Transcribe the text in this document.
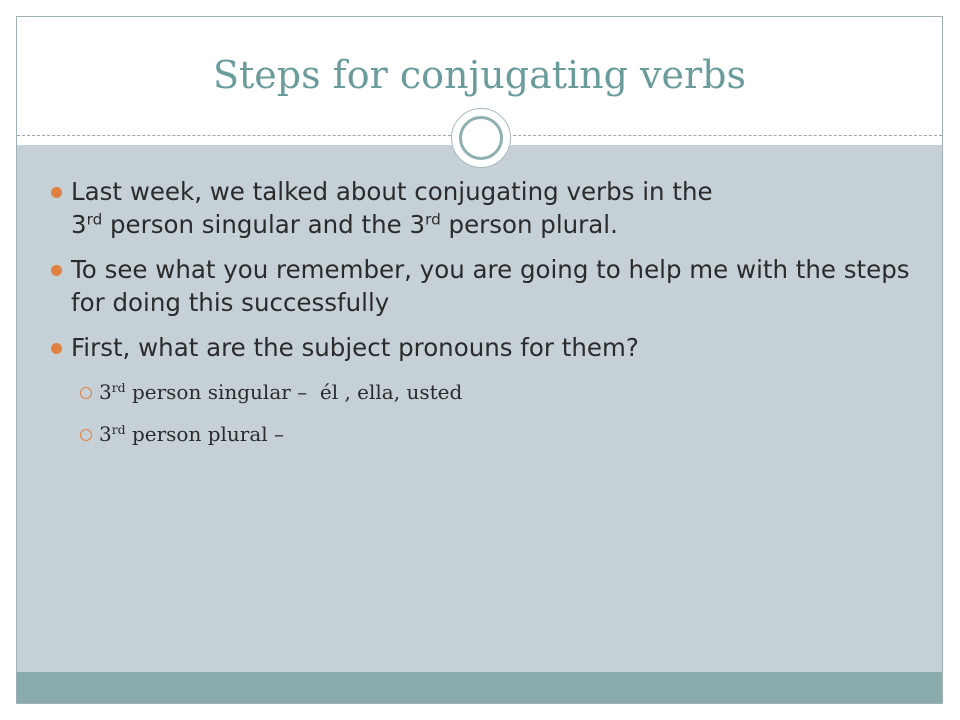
Steps for conjugating verbs
Last week, we talked about conjugating verbs in the
3rd person singular and the 3rd person plural.
To see what you remember, you are going to help me with the steps for doing this successfully
First, what are the subject pronouns for them?
3rd person singular –  él , ella, usted
3rd person plural –
